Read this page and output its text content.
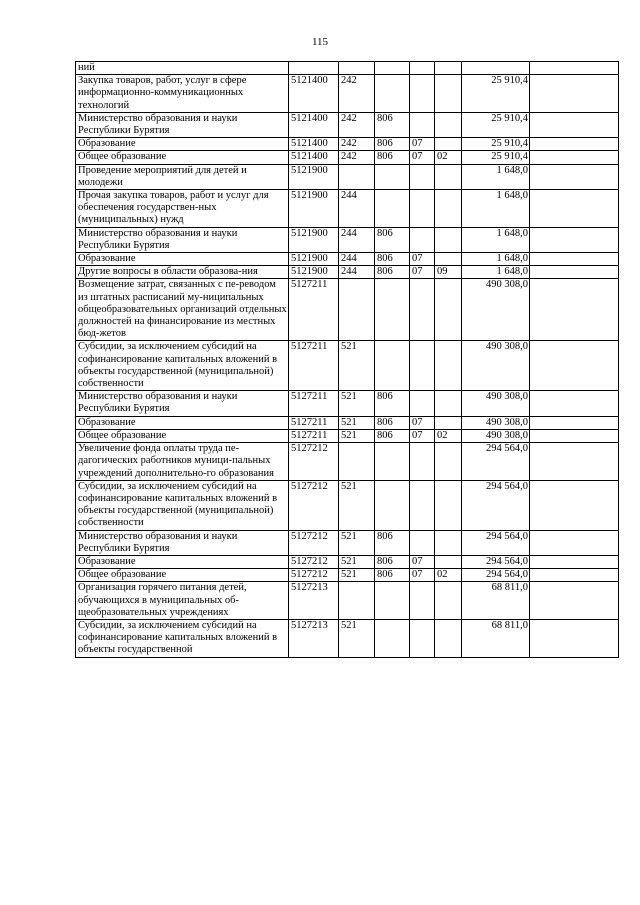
115
ний							
Закупка товаров, работ, услуг в сфере информационно-коммуникационных технологий	5121400	242				25 910,4	
Министерство образования и науки Республики Бурятия	5121400	242	806			25 910,4	
Образование	5121400	242	806	07		25 910,4	
Общее образование	5121400	242	806	07	02	25 910,4	
Проведение мероприятий для детей и молодежи	5121900					1 648,0	
Прочая закупка товаров, работ и услуг для обеспечения государствен-ных (муниципальных) нужд	5121900	244				1 648,0	
Министерство образования и науки Республики Бурятия	5121900	244	806			1 648,0	
Образование	5121900	244	806	07		1 648,0	
Другие вопросы в области образова-ния	5121900	244	806	07	09	1 648,0	
Возмещение затрат, связанных с пе-реводом из штатных расписаний му-ниципальных общеобразовательных организаций отдельных должностей на финансирование из местных бюд-жетов	5127211					490 308,0	
Субсидии, за исключением субсидий на софинансирование капитальных вложений в объекты государственной (муниципальной) собственности	5127211	521				490 308,0	
Министерство образования и науки Республики Бурятия	5127211	521	806			490 308,0	
Образование	5127211	521	806	07		490 308,0	
Общее образование	5127211	521	806	07	02	490 308,0	
Увеличение фонда оплаты труда пе-дагогических работников муници-пальных учреждений дополнительно-го образования	5127212					294 564,0	
Субсидии, за исключением субсидий на софинансирование капитальных вложений в объекты государственной (муниципальной) собственности	5127212	521				294 564,0	
Министерство образования и науки Республики Бурятия	5127212	521	806			294 564,0	
Образование	5127212	521	806	07		294 564,0	
Общее образование	5127212	521	806	07	02	294 564,0	
Организация горячего питания детей, обучающихся в муниципальных об-щеобразовательных учреждениях	5127213					68 811,0	
Субсидии, за исключением субсидий на софинансирование капитальных вложений в объекты государственной	5127213	521				68 811,0	
